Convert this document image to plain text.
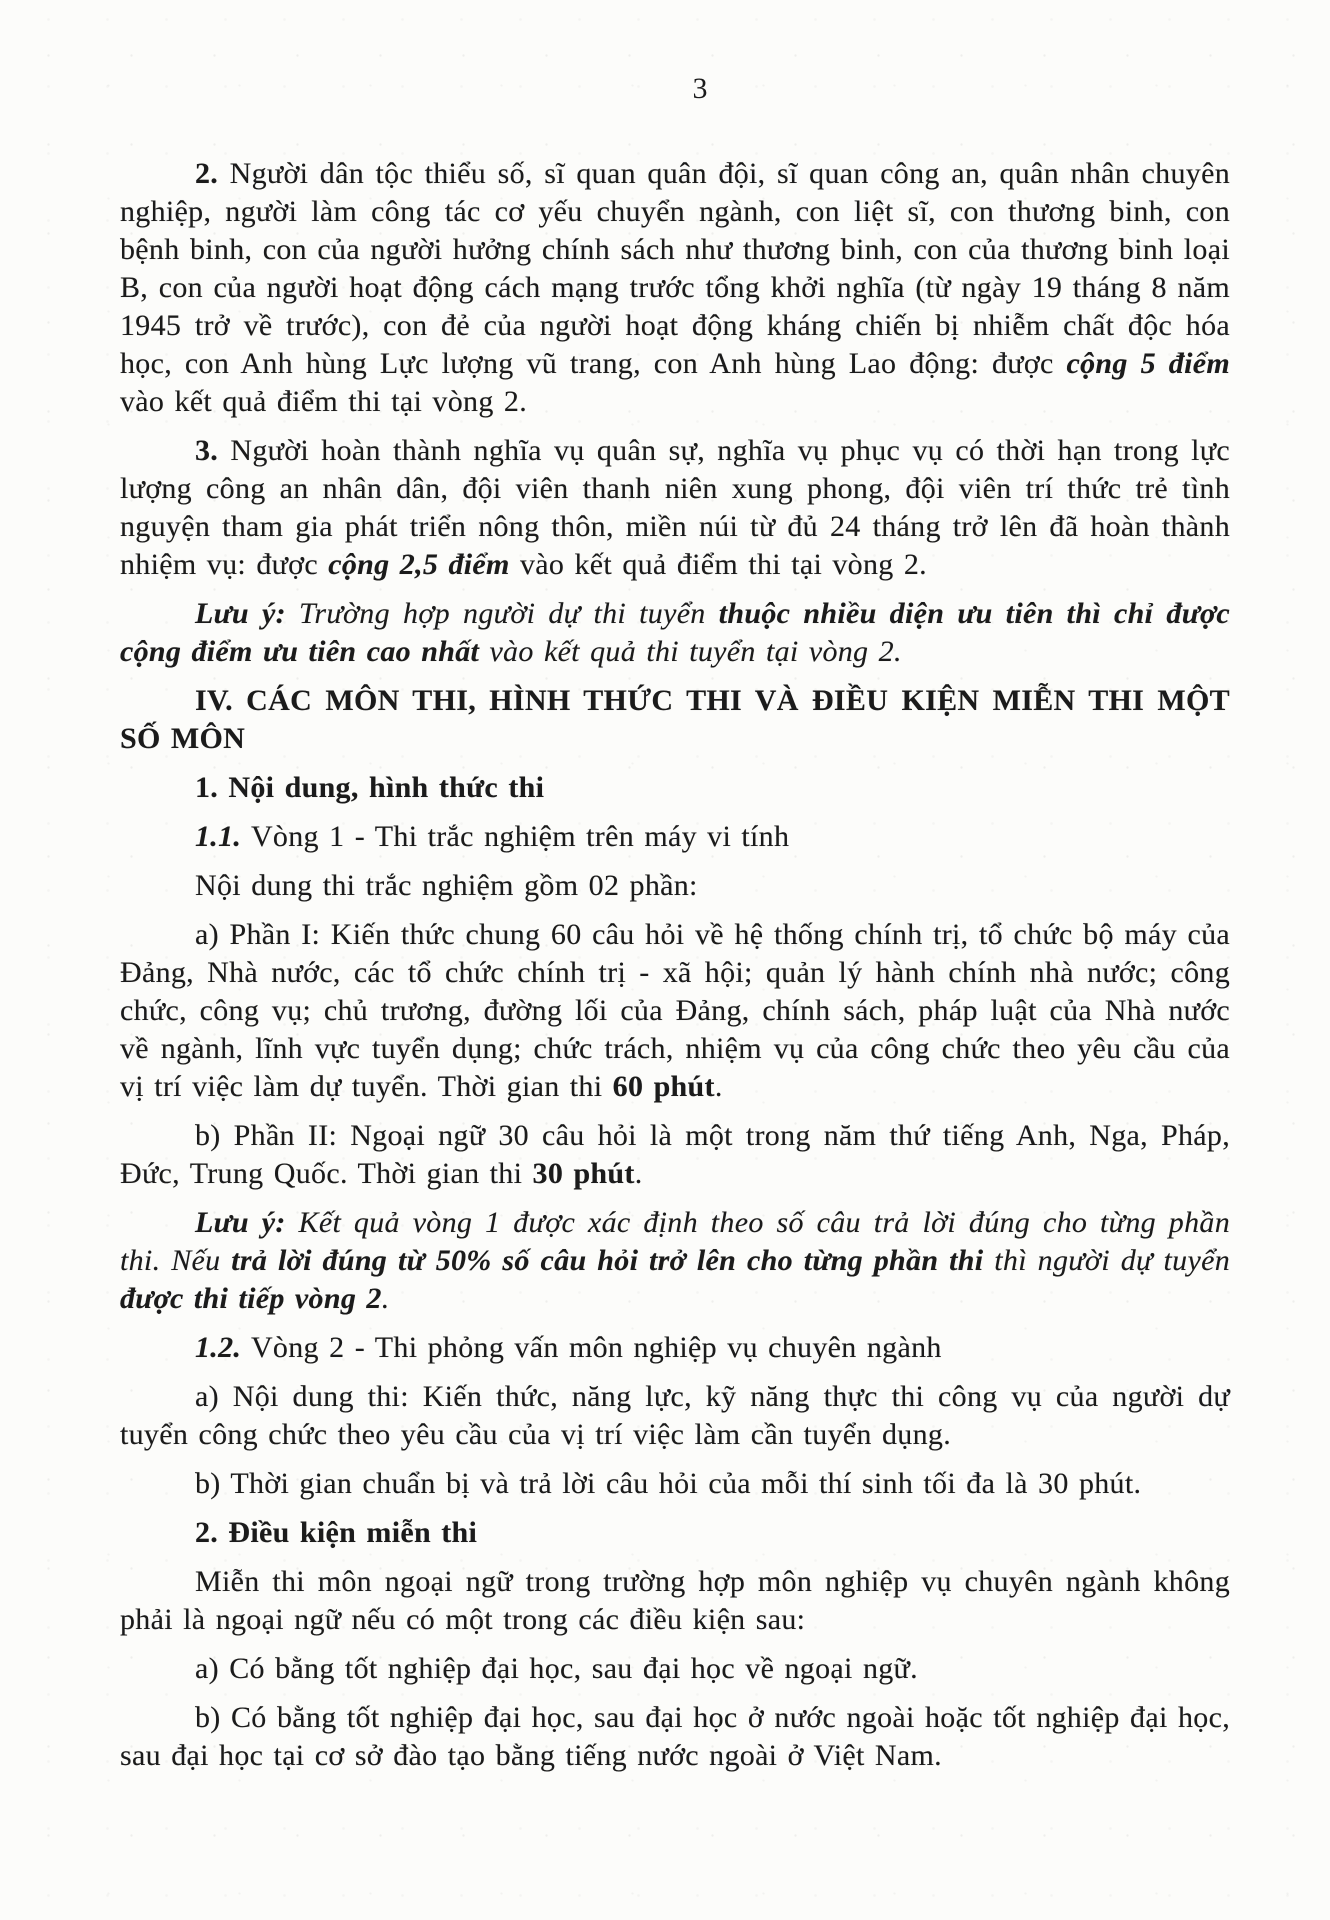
3

2. Người dân tộc thiểu số, sĩ quan quân đội, sĩ quan công an, quân nhân chuyên nghiệp, người làm công tác cơ yếu chuyển ngành, con liệt sĩ, con thương binh, con bệnh binh, con của người hưởng chính sách như thương binh, con của thương binh loại B, con của người hoạt động cách mạng trước tổng khởi nghĩa (từ ngày 19 tháng 8 năm 1945 trở về trước), con đẻ của người hoạt động kháng chiến bị nhiễm chất độc hóa học, con Anh hùng Lực lượng vũ trang, con Anh hùng Lao động: được cộng 5 điểm vào kết quả điểm thi tại vòng 2.

3. Người hoàn thành nghĩa vụ quân sự, nghĩa vụ phục vụ có thời hạn trong lực lượng công an nhân dân, đội viên thanh niên xung phong, đội viên trí thức trẻ tình nguyện tham gia phát triển nông thôn, miền núi từ đủ 24 tháng trở lên đã hoàn thành nhiệm vụ: được cộng 2,5 điểm vào kết quả điểm thi tại vòng 2.

Lưu ý: Trường hợp người dự thi tuyển thuộc nhiều diện ưu tiên thì chỉ được cộng điểm ưu tiên cao nhất vào kết quả thi tuyển tại vòng 2.

IV. CÁC MÔN THI, HÌNH THỨC THI VÀ ĐIỀU KIỆN MIỄN THI MỘT SỐ MÔN

1. Nội dung, hình thức thi

1.1. Vòng 1 - Thi trắc nghiệm trên máy vi tính

Nội dung thi trắc nghiệm gồm 02 phần:

a) Phần I: Kiến thức chung 60 câu hỏi về hệ thống chính trị, tổ chức bộ máy của Đảng, Nhà nước, các tổ chức chính trị - xã hội; quản lý hành chính nhà nước; công chức, công vụ; chủ trương, đường lối của Đảng, chính sách, pháp luật của Nhà nước về ngành, lĩnh vực tuyển dụng; chức trách, nhiệm vụ của công chức theo yêu cầu của vị trí việc làm dự tuyển. Thời gian thi 60 phút.

b) Phần II: Ngoại ngữ 30 câu hỏi là một trong năm thứ tiếng Anh, Nga, Pháp, Đức, Trung Quốc. Thời gian thi 30 phút.

Lưu ý: Kết quả vòng 1 được xác định theo số câu trả lời đúng cho từng phần thi. Nếu trả lời đúng từ 50% số câu hỏi trở lên cho từng phần thi thì người dự tuyển được thi tiếp vòng 2.

1.2. Vòng 2 - Thi phỏng vấn môn nghiệp vụ chuyên ngành

a) Nội dung thi: Kiến thức, năng lực, kỹ năng thực thi công vụ của người dự tuyển công chức theo yêu cầu của vị trí việc làm cần tuyển dụng.

b) Thời gian chuẩn bị và trả lời câu hỏi của mỗi thí sinh tối đa là 30 phút.

2. Điều kiện miễn thi

Miễn thi môn ngoại ngữ trong trường hợp môn nghiệp vụ chuyên ngành không phải là ngoại ngữ nếu có một trong các điều kiện sau:

a) Có bằng tốt nghiệp đại học, sau đại học về ngoại ngữ.

b) Có bằng tốt nghiệp đại học, sau đại học ở nước ngoài hoặc tốt nghiệp đại học, sau đại học tại cơ sở đào tạo bằng tiếng nước ngoài ở Việt Nam.
